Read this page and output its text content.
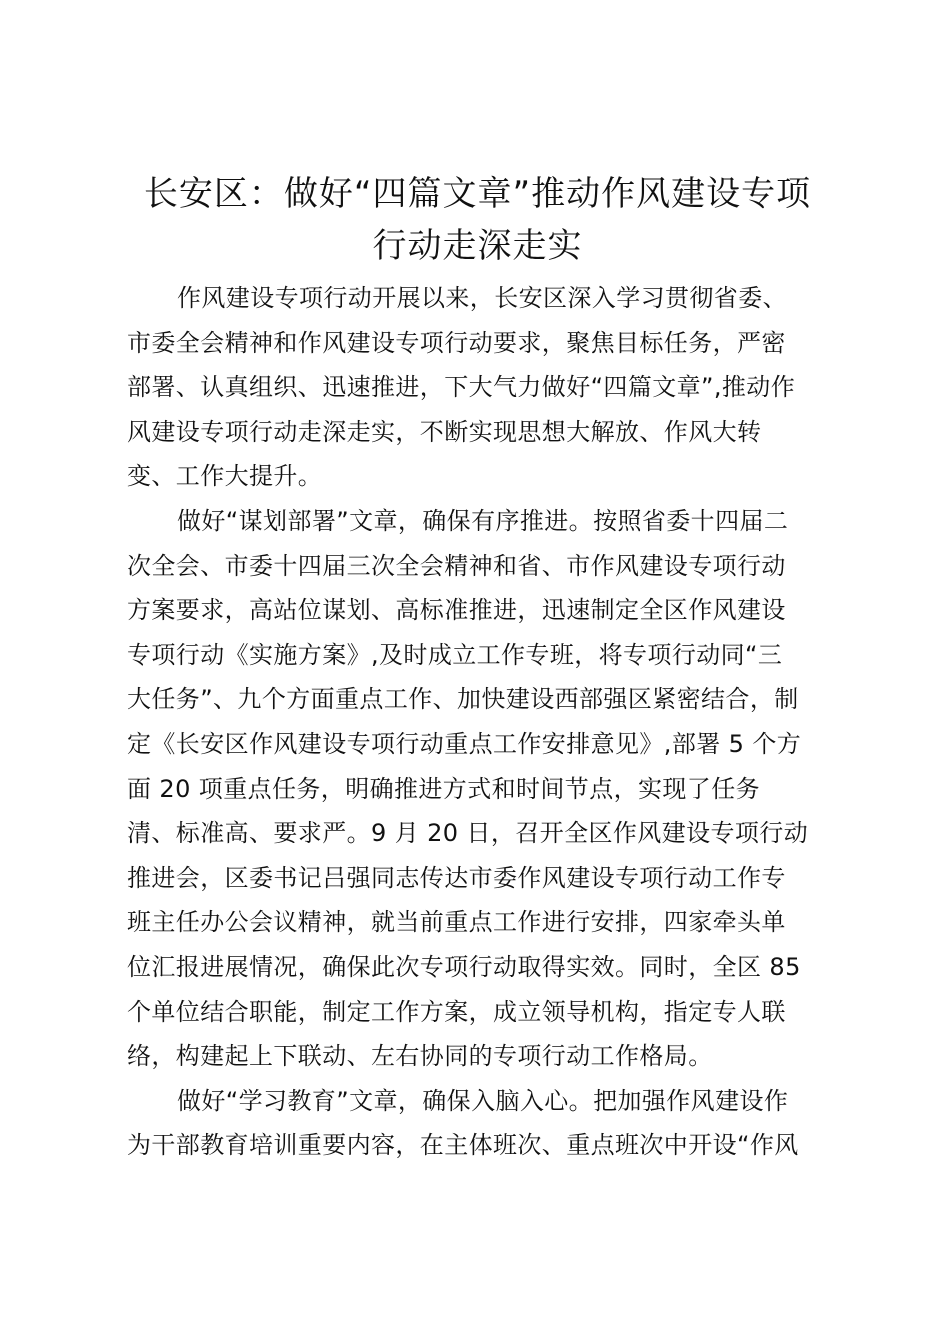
长安区：做好“四篇文章”推动作风建设专项
行动走深走实
作风建设专项行动开展以来，长安区深入学习贯彻省委、
市委全会精神和作风建设专项行动要求，聚焦目标任务，严密
部署、认真组织、迅速推进，下大气力做好“四篇文章”,推动作
风建设专项行动走深走实，不断实现思想大解放、作风大转
变、工作大提升。
做好“谋划部署”文章，确保有序推进。按照省委十四届二
次全会、市委十四届三次全会精神和省、市作风建设专项行动
方案要求，高站位谋划、高标准推进，迅速制定全区作风建设
专项行动《实施方案》,及时成立工作专班，将专项行动同“三
大任务”、九个方面重点工作、加快建设西部强区紧密结合，制
定《长安区作风建设专项行动重点工作安排意见》,部署 5 个方
面 20 项重点任务，明确推进方式和时间节点，实现了任务
清、标准高、要求严。9 月 20 日，召开全区作风建设专项行动
推进会，区委书记吕强同志传达市委作风建设专项行动工作专
班主任办公会议精神，就当前重点工作进行安排，四家牵头单
位汇报进展情况，确保此次专项行动取得实效。同时，全区 85
个单位结合职能，制定工作方案，成立领导机构，指定专人联
络，构建起上下联动、左右协同的专项行动工作格局。
做好“学习教育”文章，确保入脑入心。把加强作风建设作
为干部教育培训重要内容，在主体班次、重点班次中开设“作风
